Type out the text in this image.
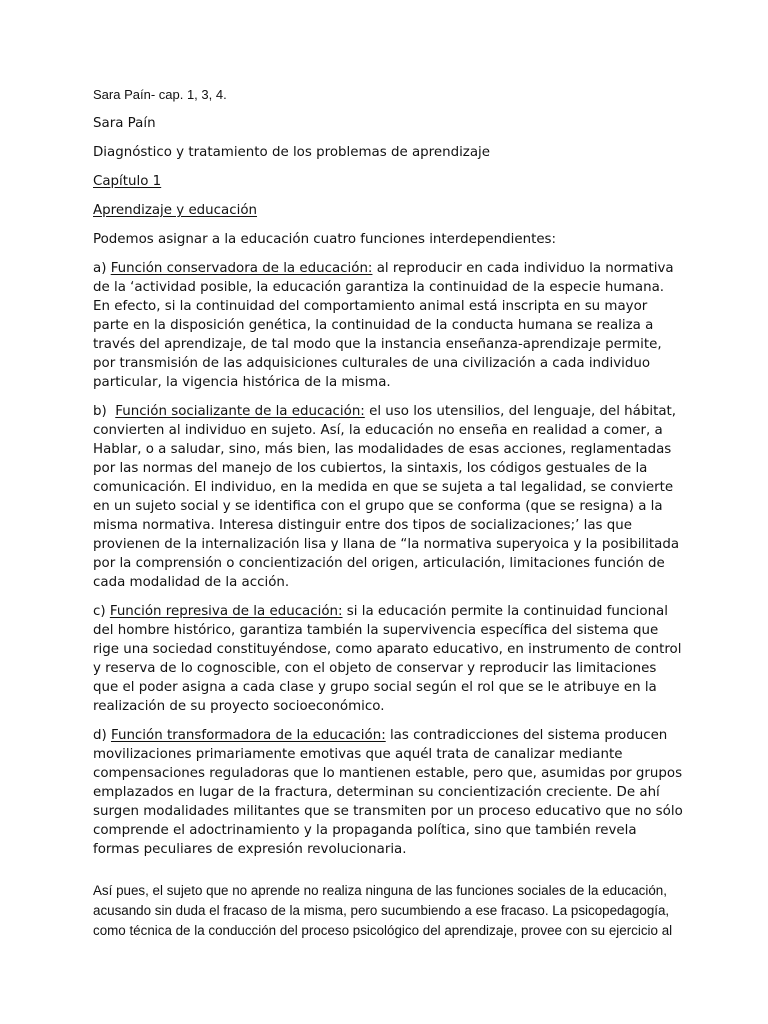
Sara Paín- cap. 1, 3, 4.
Sara Paín
Diagnóstico y tratamiento de los problemas de aprendizaje
Capítulo 1
Aprendizaje y educación
Podemos asignar a la educación cuatro funciones interdependientes:
a) Función conservadora de la educación: al reproducir en cada individuo la normativa de la ‘actividad posible, la educación garantiza la continuidad de la especie humana. En efecto, si la continuidad del comportamiento animal está inscripta en su mayor parte en la disposición genética, la continuidad de la conducta humana se realiza a través del aprendizaje, de tal modo que la instancia enseñanza-aprendizaje permite, por transmisión de las adquisiciones culturales de una civilización a cada individuo particular, la vigencia histórica de la misma.
b)  Función socializante de la educación: el uso los utensilios, del lenguaje, del hábitat, convierten al individuo en sujeto. Así, la educación no enseña en realidad a comer, a Hablar, o a saludar, sino, más bien, las modalidades de esas acciones, reglamentadas por las normas del manejo de los cubiertos, la sintaxis, los códigos gestuales de la comunicación. El individuo, en la medida en que se sujeta a tal legalidad, se convierte en un sujeto social y se identifica con el grupo que se conforma (que se resigna) a la misma normativa. Interesa distinguir entre dos tipos de socializaciones;’ las que provienen de la internalización lisa y llana de “la normativa superyoica y la posibilitada por la comprensión o concientización del origen, articulación, limitaciones función de cada modalidad de la acción.
c) Función represiva de la educación: si la educación permite la continuidad funcional del hombre histórico, garantiza también la supervivencia específica del sistema que rige una sociedad constituyéndose, como aparato educativo, en instrumento de control y reserva de lo cognoscible, con el objeto de conservar y reproducir las limitaciones que el poder asigna a cada clase y grupo social según el rol que se le atribuye en la realización de su proyecto socioeconómico.
d) Función transformadora de la educación: las contradicciones del sistema producen movilizaciones primariamente emotivas que aquél trata de canalizar mediante compensaciones reguladoras que lo mantienen estable, pero que, asumidas por grupos emplazados en lugar de la fractura, determinan su concientización creciente. De ahí surgen modalidades militantes que se transmiten por un proceso educativo que no sólo comprende el adoctrinamiento y la propaganda política, sino que también revela formas peculiares de expresión revolucionaria.
Así pues, el sujeto que no aprende no realiza ninguna de las funciones sociales de la educación, acusando sin duda el fracaso de la misma, pero sucumbiendo a ese fracaso. La psicopedagogía, como técnica de la conducción del proceso psicológico del aprendizaje, provee con su ejercicio al
